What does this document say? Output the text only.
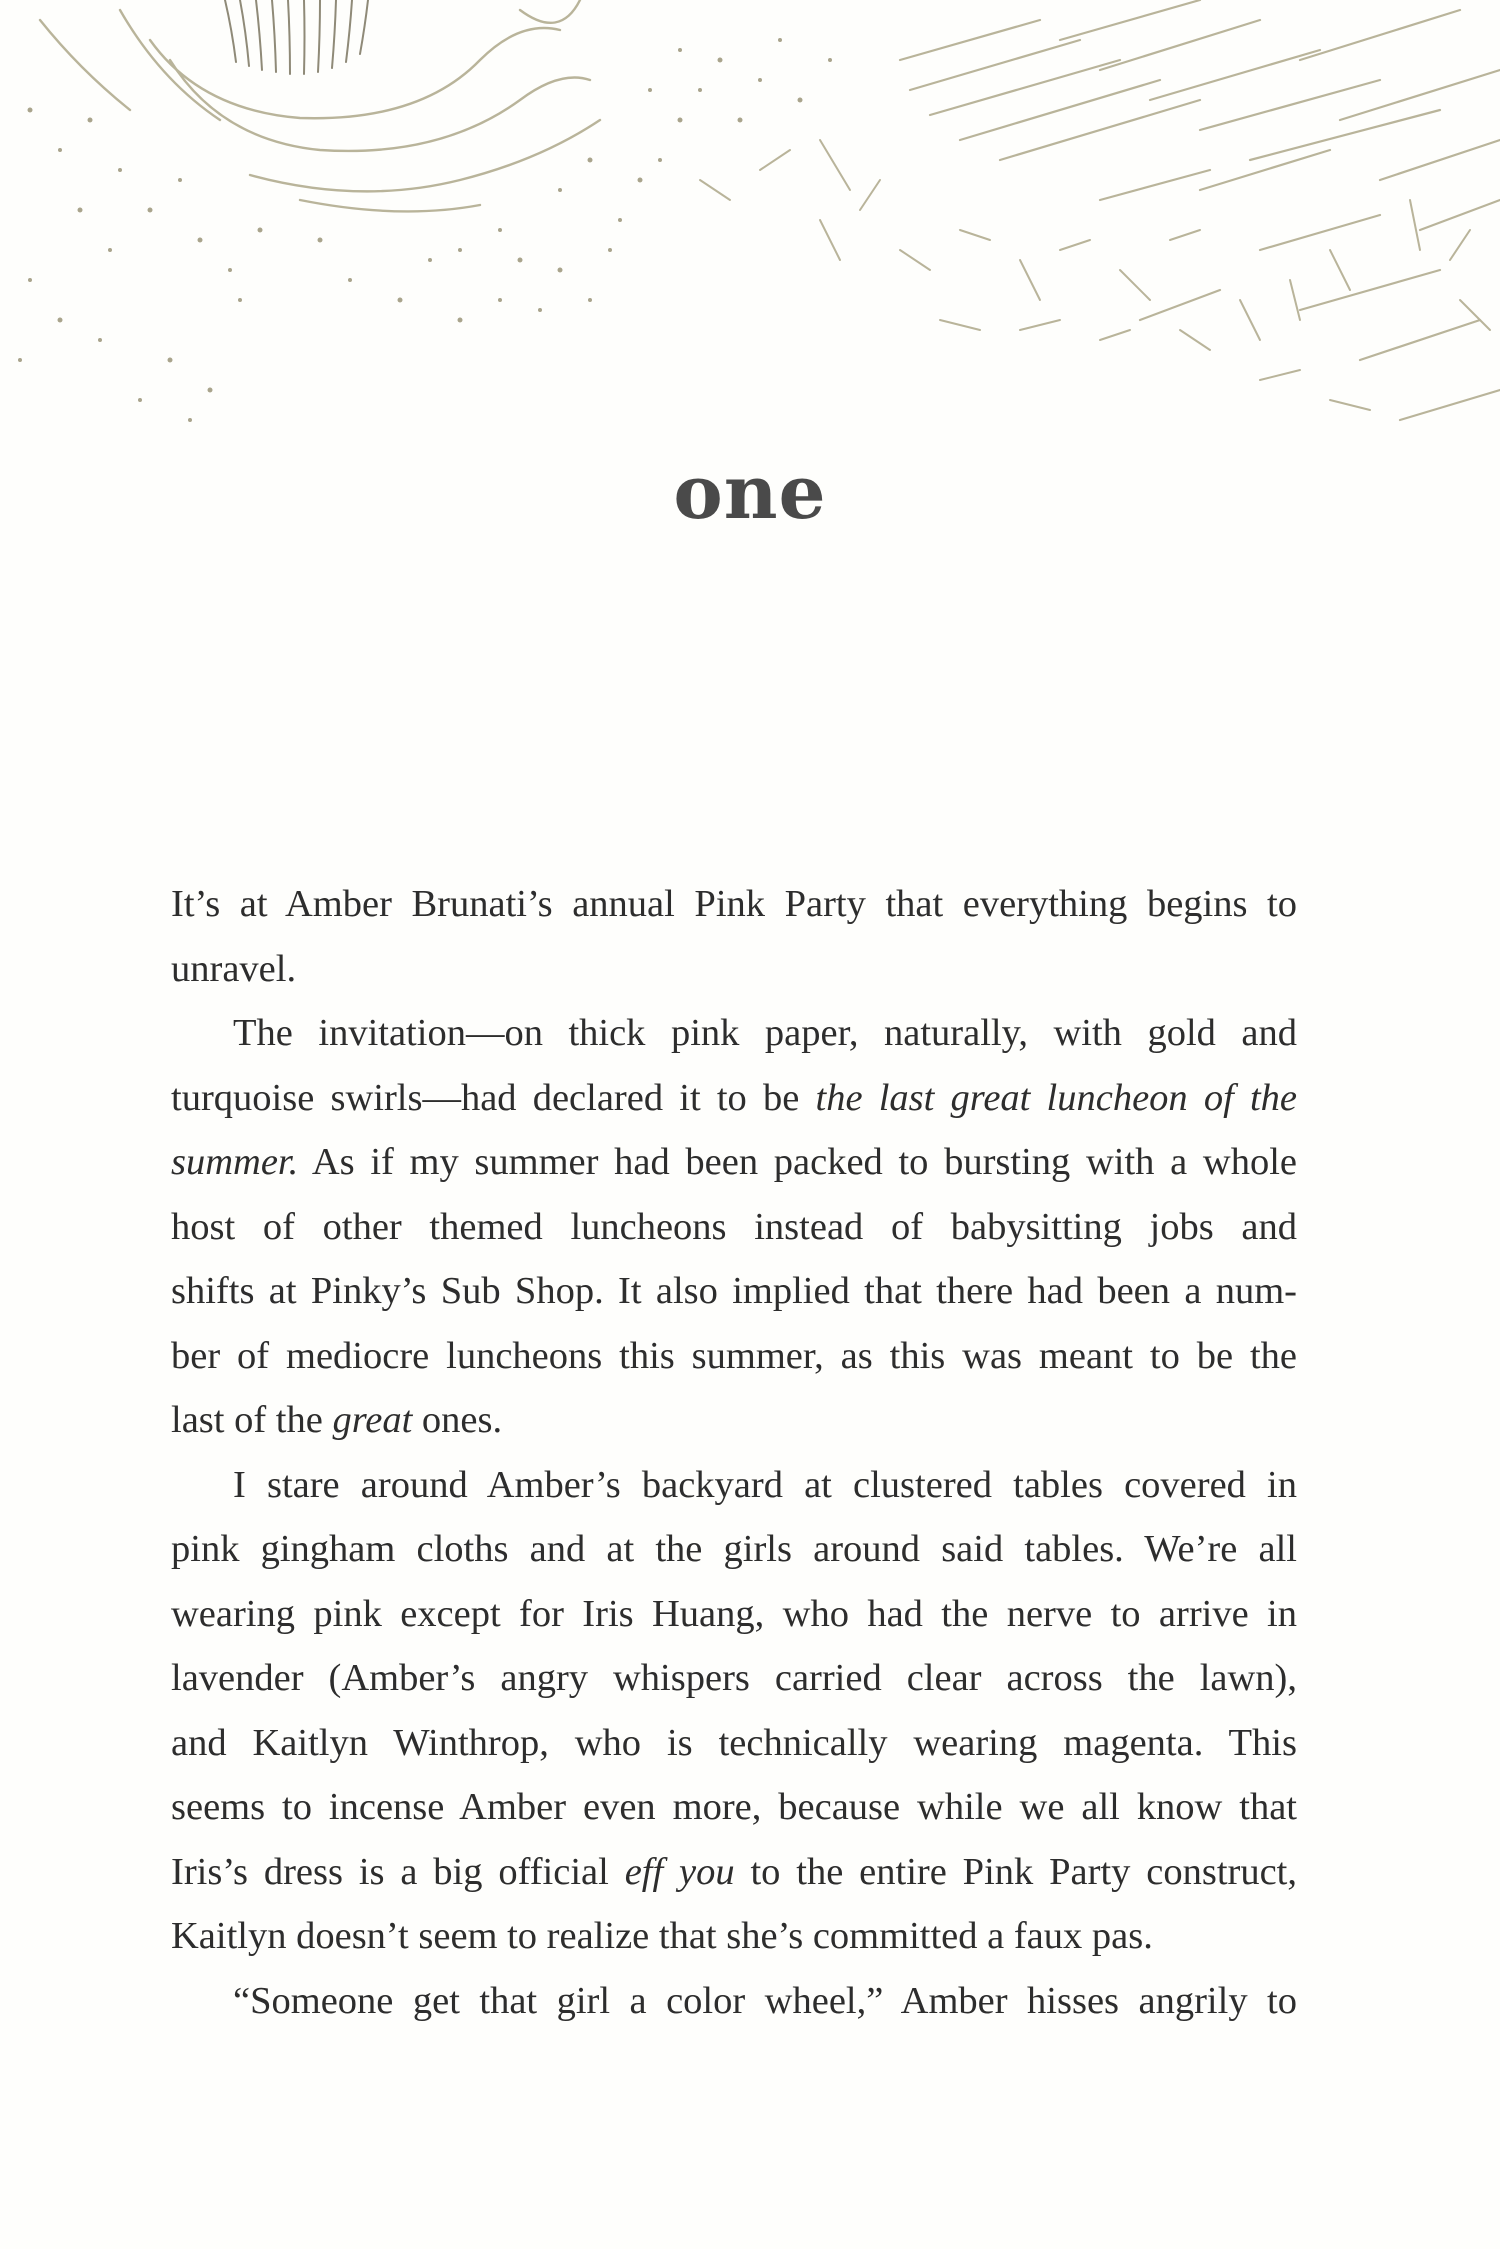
one
It’s at Amber Brunati’s annual Pink Party that everything begins to
unravel.
The invitation—on thick pink paper, naturally, with gold and
turquoise swirls—had declared it to be the last great luncheon of the
summer. As if my summer had been packed to bursting with a whole
host of other themed luncheons instead of babysitting jobs and
shifts at Pinky’s Sub Shop. It also implied that there had been a num-
ber of mediocre luncheons this summer, as this was meant to be the
last of the great ones.
I stare around Amber’s backyard at clustered tables covered in
pink gingham cloths and at the girls around said tables. We’re all
wearing pink except for Iris Huang, who had the nerve to arrive in
lavender (Amber’s angry whispers carried clear across the lawn),
and Kaitlyn Winthrop, who is technically wearing magenta. This
seems to incense Amber even more, because while we all know that
Iris’s dress is a big official eff you to the entire Pink Party construct,
Kaitlyn doesn’t seem to realize that she’s committed a faux pas.
“Someone get that girl a color wheel,” Amber hisses angrily to
